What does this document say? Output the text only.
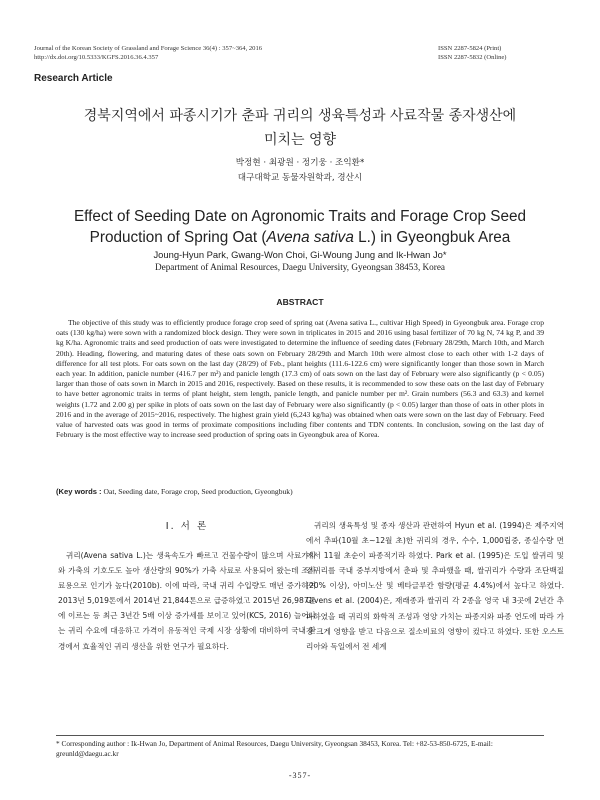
Journal of the Korean Society of Grassland and Forage Science 36(4) : 357~364, 2016
http://dx.doi.org/10.5333/KGFS.2016.36.4.357
ISSN 2287-5824 (Print)
ISSN 2287-5832 (Online)
Research Article
경북지역에서 파종시기가 춘파 귀리의 생육특성과 사료작물 종자생산에
미치는 영향
박정현 · 최광원 · 정기웅 · 조익환*
대구대학교 동물자원학과, 경산시
Effect of Seeding Date on Agronomic Traits and Forage Crop Seed
Production of Spring Oat (Avena sativa L.) in Gyeongbuk Area
Joung-Hyun Park, Gwang-Won Choi, Gi-Woung Jung and Ik-Hwan Jo*
Department of Animal Resources, Daegu University, Gyeongsan 38453, Korea
ABSTRACT

The objective of this study was to efficiently produce forage crop seed of spring oat (Avena sativa L., cultivar High Speed) in Gyeongbuk area. Forage crop oats (130 kg/ha) were sown with a randomized block design. They were sown in triplicates in 2015 and 2016 using basal fertilizer of 70 kg N, 74 kg P, and 39 kg K/ha. Agronomic traits and seed production of oats were investigated to determine the influence of seeding dates (February 28/29th, March 10th, and March 20th). Heading, flowering, and maturing dates of these oats sown on February 28/29th and March 10th were almost close to each other with 1-2 days of difference for all test plots. For oats sown on the last day (28/29) of Feb., plant heights (111.6-122.6 cm) were significantly longer than those sown in March each year. In addition, panicle number (416.7 per m²) and panicle length (17.3 cm) of oats sown on the last day of February were also significantly (p < 0.05) larger than those of oats sown in March in 2015 and 2016, respectively. Based on these results, it is recommended to sow these oats on the last day of February to have better agronomic traits in terms of plant height, stem length, panicle length, and panicle number per m². Grain numbers (56.3 and 63.3) and kernel weights (1.72 and 2.00 g) per spike in plots of oats sown on the last day of February were also significantly (p < 0.05) larger than those of oats in other plots in 2016 and in the average of 2015~2016, respectively. The highest grain yield (6,243 kg/ha) was obtained when oats were sown on the last day of February. Feed value of harvested oats was good in terms of proximate compositions including fiber contents and TDN contents. In conclusion, sowing on the last day of February is the most effective way to increase seed production of spring oats in Gyeongbuk area of Korea.

(Key words : Oat, Seeding date, Forage crop, Seed production, Gyeongbuk)
Ⅰ. 서 론
귀리(Avena sativa L.)는 생육속도가 빠르고 건물수량이 많으며 사료가치와 가축의 기호도도 높아 생산량의 90%가 가축 사료로 사용되어 왔는데 조사료용으로 인기가 높다(2010b). 이에 따라, 국내 귀리 수입량도 매년 증가하여 2013년 5,019톤에서 2014년 21,844톤으로 급증하였고 2015년 26,987톤에 이르는 등 최근 3년간 5배 이상 증가세를 보이고 있어(KCS, 2016) 늘어나는 귀리 수요에 대응하고 가격이 유동적인 국제 시장 상황에 대비하여 국내 환경에서 효율적인 귀리 생산을 위한 연구가 필요하다.
귀리의 생육특성 및 종자 생산과 관련하여 Hyun et al. (1994)은 제주지역에서 추파(10월 초~12월 초)한 귀리의 경우, 수수, 1,000립중, 종실수량 면에서 11월 초순이 파종적기라 하였다. Park et al. (1995)은 도입 쌀귀리 및 겉귀리를 국내 중부지방에서 춘파 및 추파했을 때, 쌀귀리가 수량과 조단백질(20% 이상), 아미노산 및 베타글루칸 함량(평균 4.4%)에서 높다고 하였다. Givens et al. (2004)은, 재래종과 쌀귀리 각 2종을 영국 내 3곳에 2년간 추파하였을 때 귀리의 화학적 조성과 영양 가치는 파종지와 파종 연도에 따라 가장 크게 영향을 받고 다음으로 질소비료의 영향이 컸다고 하였다. 또한 오스트리아와 독일에서 전 세계
* Corresponding author : Ik-Hwan Jo, Department of Animal Resources, Daegu University, Gyeongsan 38453, Korea. Tel: +82-53-850-6725, E-mail: greunld@daegu.ac.kr
-357-
